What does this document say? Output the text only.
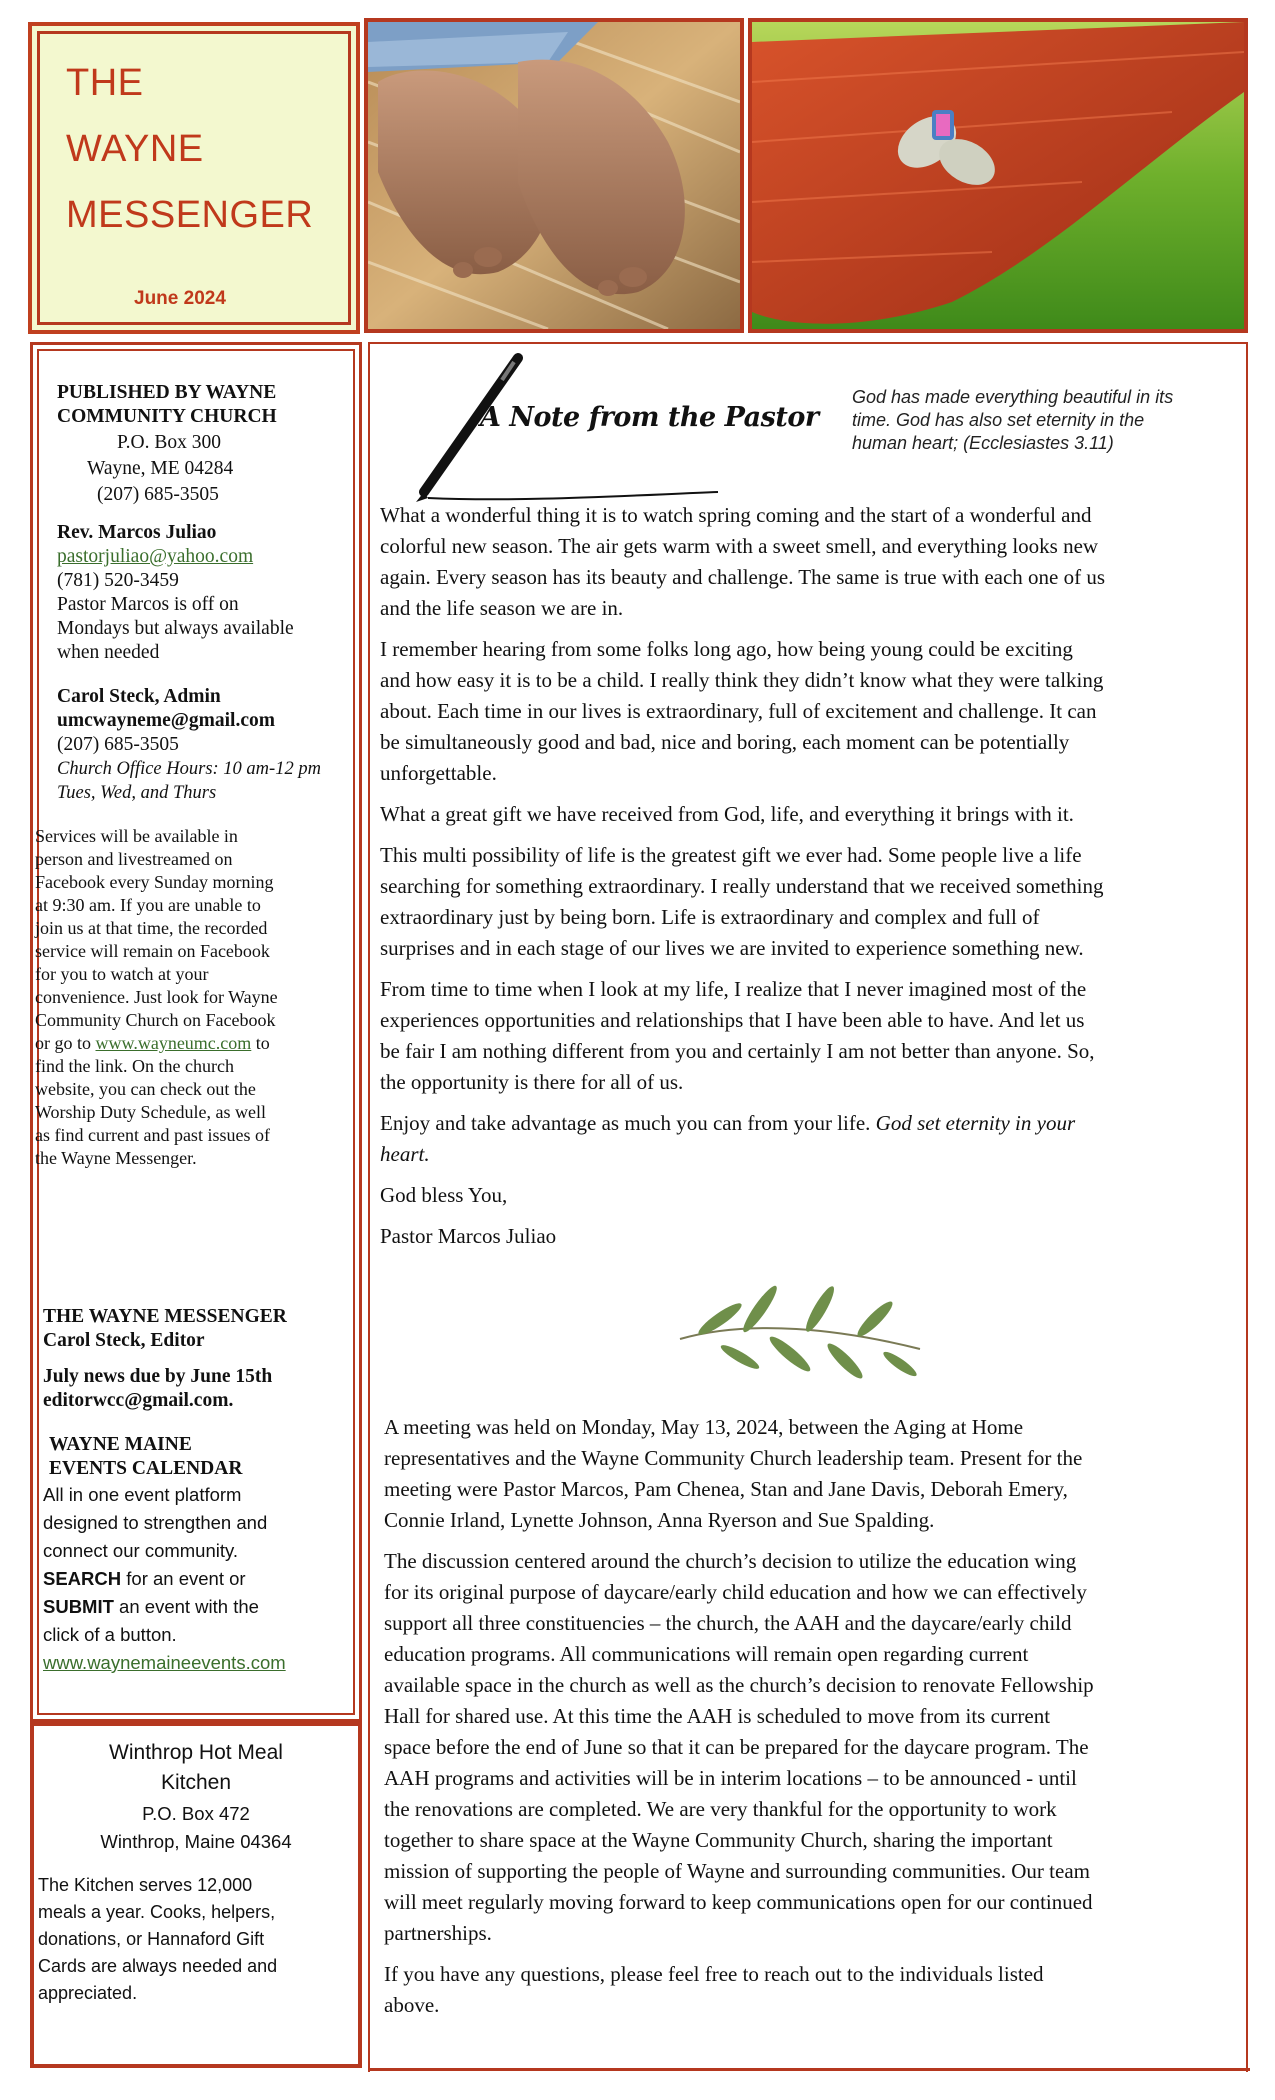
THE
WAYNE
MESSENGER
June 2024
PUBLISHED BY WAYNE
COMMUNITY CHURCH
P.O. Box 300
Wayne, ME 04284
(207) 685-3505
Rev. Marcos Juliao
pastorjuliao@yahoo.com
(781) 520-3459
Pastor Marcos is off on
Mondays but always available
when needed
Carol Steck, Admin
umcwayneme@gmail.com
(207) 685-3505
Church Office Hours: 10 am-12 pm
Tues, Wed, and Thurs
THE WAYNE MESSENGER
Carol Steck, Editor
July news due by June 15th
editorwcc@gmail.com.
WAYNE MAINE
EVENTS CALENDAR
All in one event platform
designed to strengthen and
connect our community.
SEARCH for an event or
SUBMIT an event with the
click of a button.
www.waynemaineevents.com
Services will be available in
person and livestreamed on
Facebook every Sunday morning
at 9:30 am. If you are unable to
join us at that time, the recorded
service will remain on Facebook
for you to watch at your
convenience. Just look for Wayne
Community Church on Facebook
or go to www.wayneumc.com to
find the link. On the church
website, you can check out the
Worship Duty Schedule, as well
as find current and past issues of
the Wayne Messenger.
Winthrop Hot Meal
Kitchen
P.O. Box 472
Winthrop, Maine 04364
The Kitchen serves 12,000
meals a year. Cooks, helpers,
donations, or Hannaford Gift
Cards are always needed and
appreciated.
A Note from the Pastor
God has made everything beautiful in its
time. God has also set eternity in the
human heart; (Ecclesiastes 3.11)
What a wonderful thing it is to watch spring coming and the start of a wonderful and
colorful new season. The air gets warm with a sweet smell, and everything looks new
again. Every season has its beauty and challenge. The same is true with each one of us
and the life season we are in.
I remember hearing from some folks long ago, how being young could be exciting
and how easy it is to be a child. I really think they didn’t know what they were talking
about. Each time in our lives is extraordinary, full of excitement and challenge. It can
be simultaneously good and bad, nice and boring, each moment can be potentially
unforgettable.
What a great gift we have received from God, life, and everything it brings with it.
This multi possibility of life is the greatest gift we ever had. Some people live a life
searching for something extraordinary. I really understand that we received something
extraordinary just by being born. Life is extraordinary and complex and full of
surprises and in each stage of our lives we are invited to experience something new.
From time to time when I look at my life, I realize that I never imagined most of the
experiences opportunities and relationships that I have been able to have. And let us
be fair I am nothing different from you and certainly I am not better than anyone. So,
the opportunity is there for all of us.
Enjoy and take advantage as much you can from your life. God set eternity in your
heart.
God bless You,
Pastor Marcos Juliao
A meeting was held on Monday, May 13, 2024, between the Aging at Home
representatives and the Wayne Community Church leadership team. Present for the
meeting were Pastor Marcos, Pam Chenea, Stan and Jane Davis, Deborah Emery,
Connie Irland, Lynette Johnson, Anna Ryerson and Sue Spalding.
The discussion centered around the church’s decision to utilize the education wing
for its original purpose of daycare/early child education and how we can effectively
support all three constituencies – the church, the AAH and the daycare/early child
education programs. All communications will remain open regarding current
available space in the church as well as the church’s decision to renovate Fellowship
Hall for shared use. At this time the AAH is scheduled to move from its current
space before the end of June so that it can be prepared for the daycare program. The
AAH programs and activities will be in interim locations – to be announced - until
the renovations are completed. We are very thankful for the opportunity to work
together to share space at the Wayne Community Church, sharing the important
mission of supporting the people of Wayne and surrounding communities. Our team
will meet regularly moving forward to keep communications open for our continued
partnerships.
If you have any questions, please feel free to reach out to the individuals listed
above.
